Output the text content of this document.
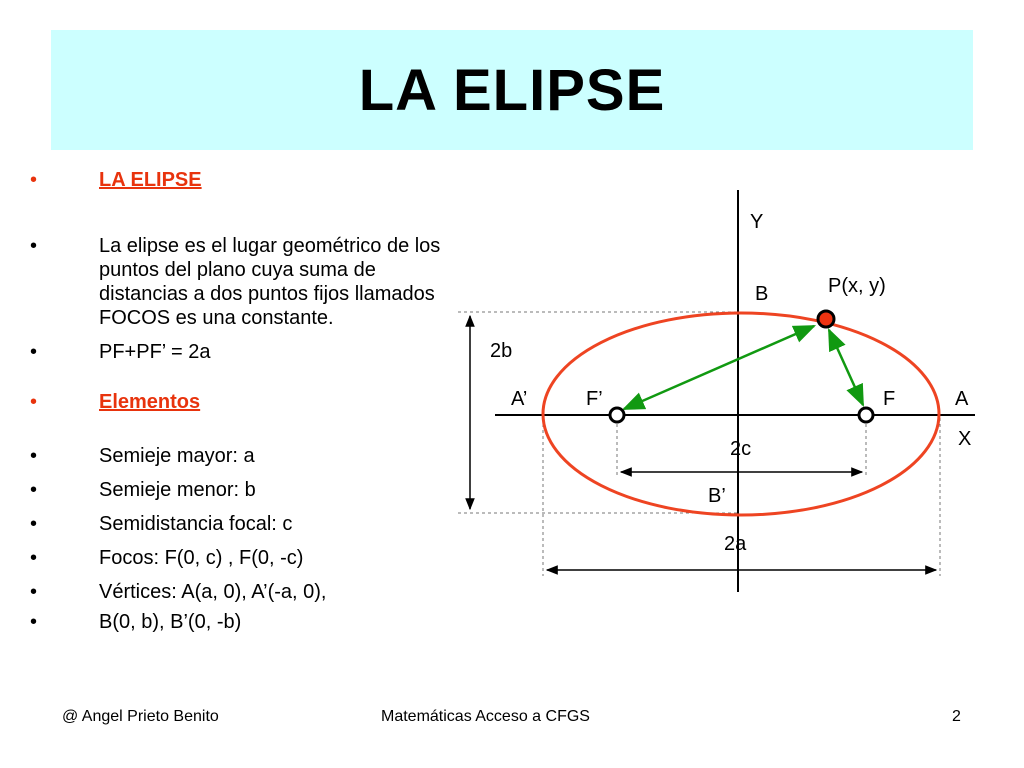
LA ELIPSE
•	LA ELIPSE
•	La elipse es el lugar geométrico de los puntos del plano cuya suma de distancias a dos puntos fijos llamados FOCOS es una constante.
•	PF+PF’ = 2a
•	Elementos
•	Semieje mayor: a
•	Semieje menor: b
•	Semidistancia focal: c
•	Focos: F(0, c) , F(0, -c)
•	Vértices: A(a, 0), A’(-a, 0),
•	B(0, b), B’(0, -b)
Y
X
B	P(x, y)
2b
A’	F’	F	A
2c
B’
2a
@ Angel Prieto Benito	Matemáticas Acceso a CFGS	2
